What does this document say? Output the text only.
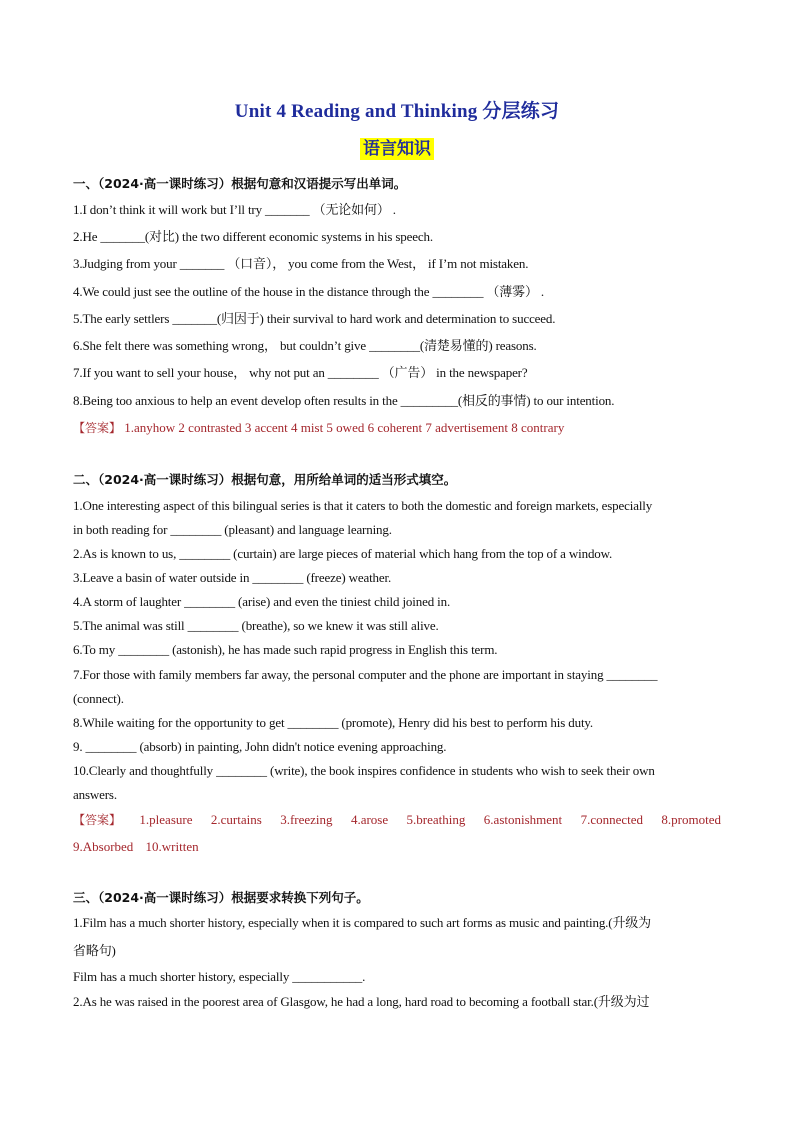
Unit 4 Reading and Thinking 分层练习
语言知识
一、（2024·高一课时练习）根据句意和汉语提示写出单词。
1.I don’t think it will work but I’ll try _______ （无论如何） .
2.He _______(对比) the two different economic systems in his speech.
3.Judging from your _______ （口音）， you come from the West， if I’m not mistaken.
4.We could just see the outline of the house in the distance through the ________ （薄雾） .
5.The early settlers _______(归因于) their survival to hard work and determination to succeed.
6.She felt there was something wrong， but couldn’t give ________(清楚易懂的) reasons.
7.If you want to sell your house， why not put an ________ （广告） in the newspaper?
8.Being too anxious to help an event develop often results in the _________(相反的事情) to our intention.
【答案】 1.anyhow 2 contrasted 3 accent 4 mist 5 owed 6 coherent 7 advertisement 8 contrary
二、（2024·高一课时练习）根据句意，用所给单词的适当形式填空。
1.One interesting aspect of this bilingual series is that it caters to both the domestic and foreign markets, especially
in both reading for ________ (pleasant) and language learning.
2.As is known to us, ________ (curtain) are large pieces of material which hang from the top of a window.
3.Leave a basin of water outside in ________ (freeze) weather.
4.A storm of laughter ________ (arise) and even the tiniest child joined in.
5.The animal was still ________ (breathe), so we knew it was still alive.
6.To my ________ (astonish), he has made such rapid progress in English this term.
7.For those with family members far away, the personal computer and the phone are important in staying ________
(connect).
8.While waiting for the opportunity to get ________ (promote), Henry did his best to perform his duty.
9. ________ (absorb) in painting, John didn't notice evening approaching.
10.Clearly and thoughtfully ________ (write), the book inspires confidence in students who wish to seek their own
answers.
【答案】 1.pleasure 2.curtains 3.freezing 4.arose 5.breathing 6.astonishment 7.connected 8.promoted
9.Absorbed 10.written
三、（2024·高一课时练习）根据要求转换下列句子。
1.Film has a much shorter history, especially when it is compared to such art forms as music and painting.(升级为
省略句)
Film has a much shorter history, especially ___________.
2.As he was raised in the poorest area of Glasgow, he had a long, hard road to becoming a football star.(升级为过
